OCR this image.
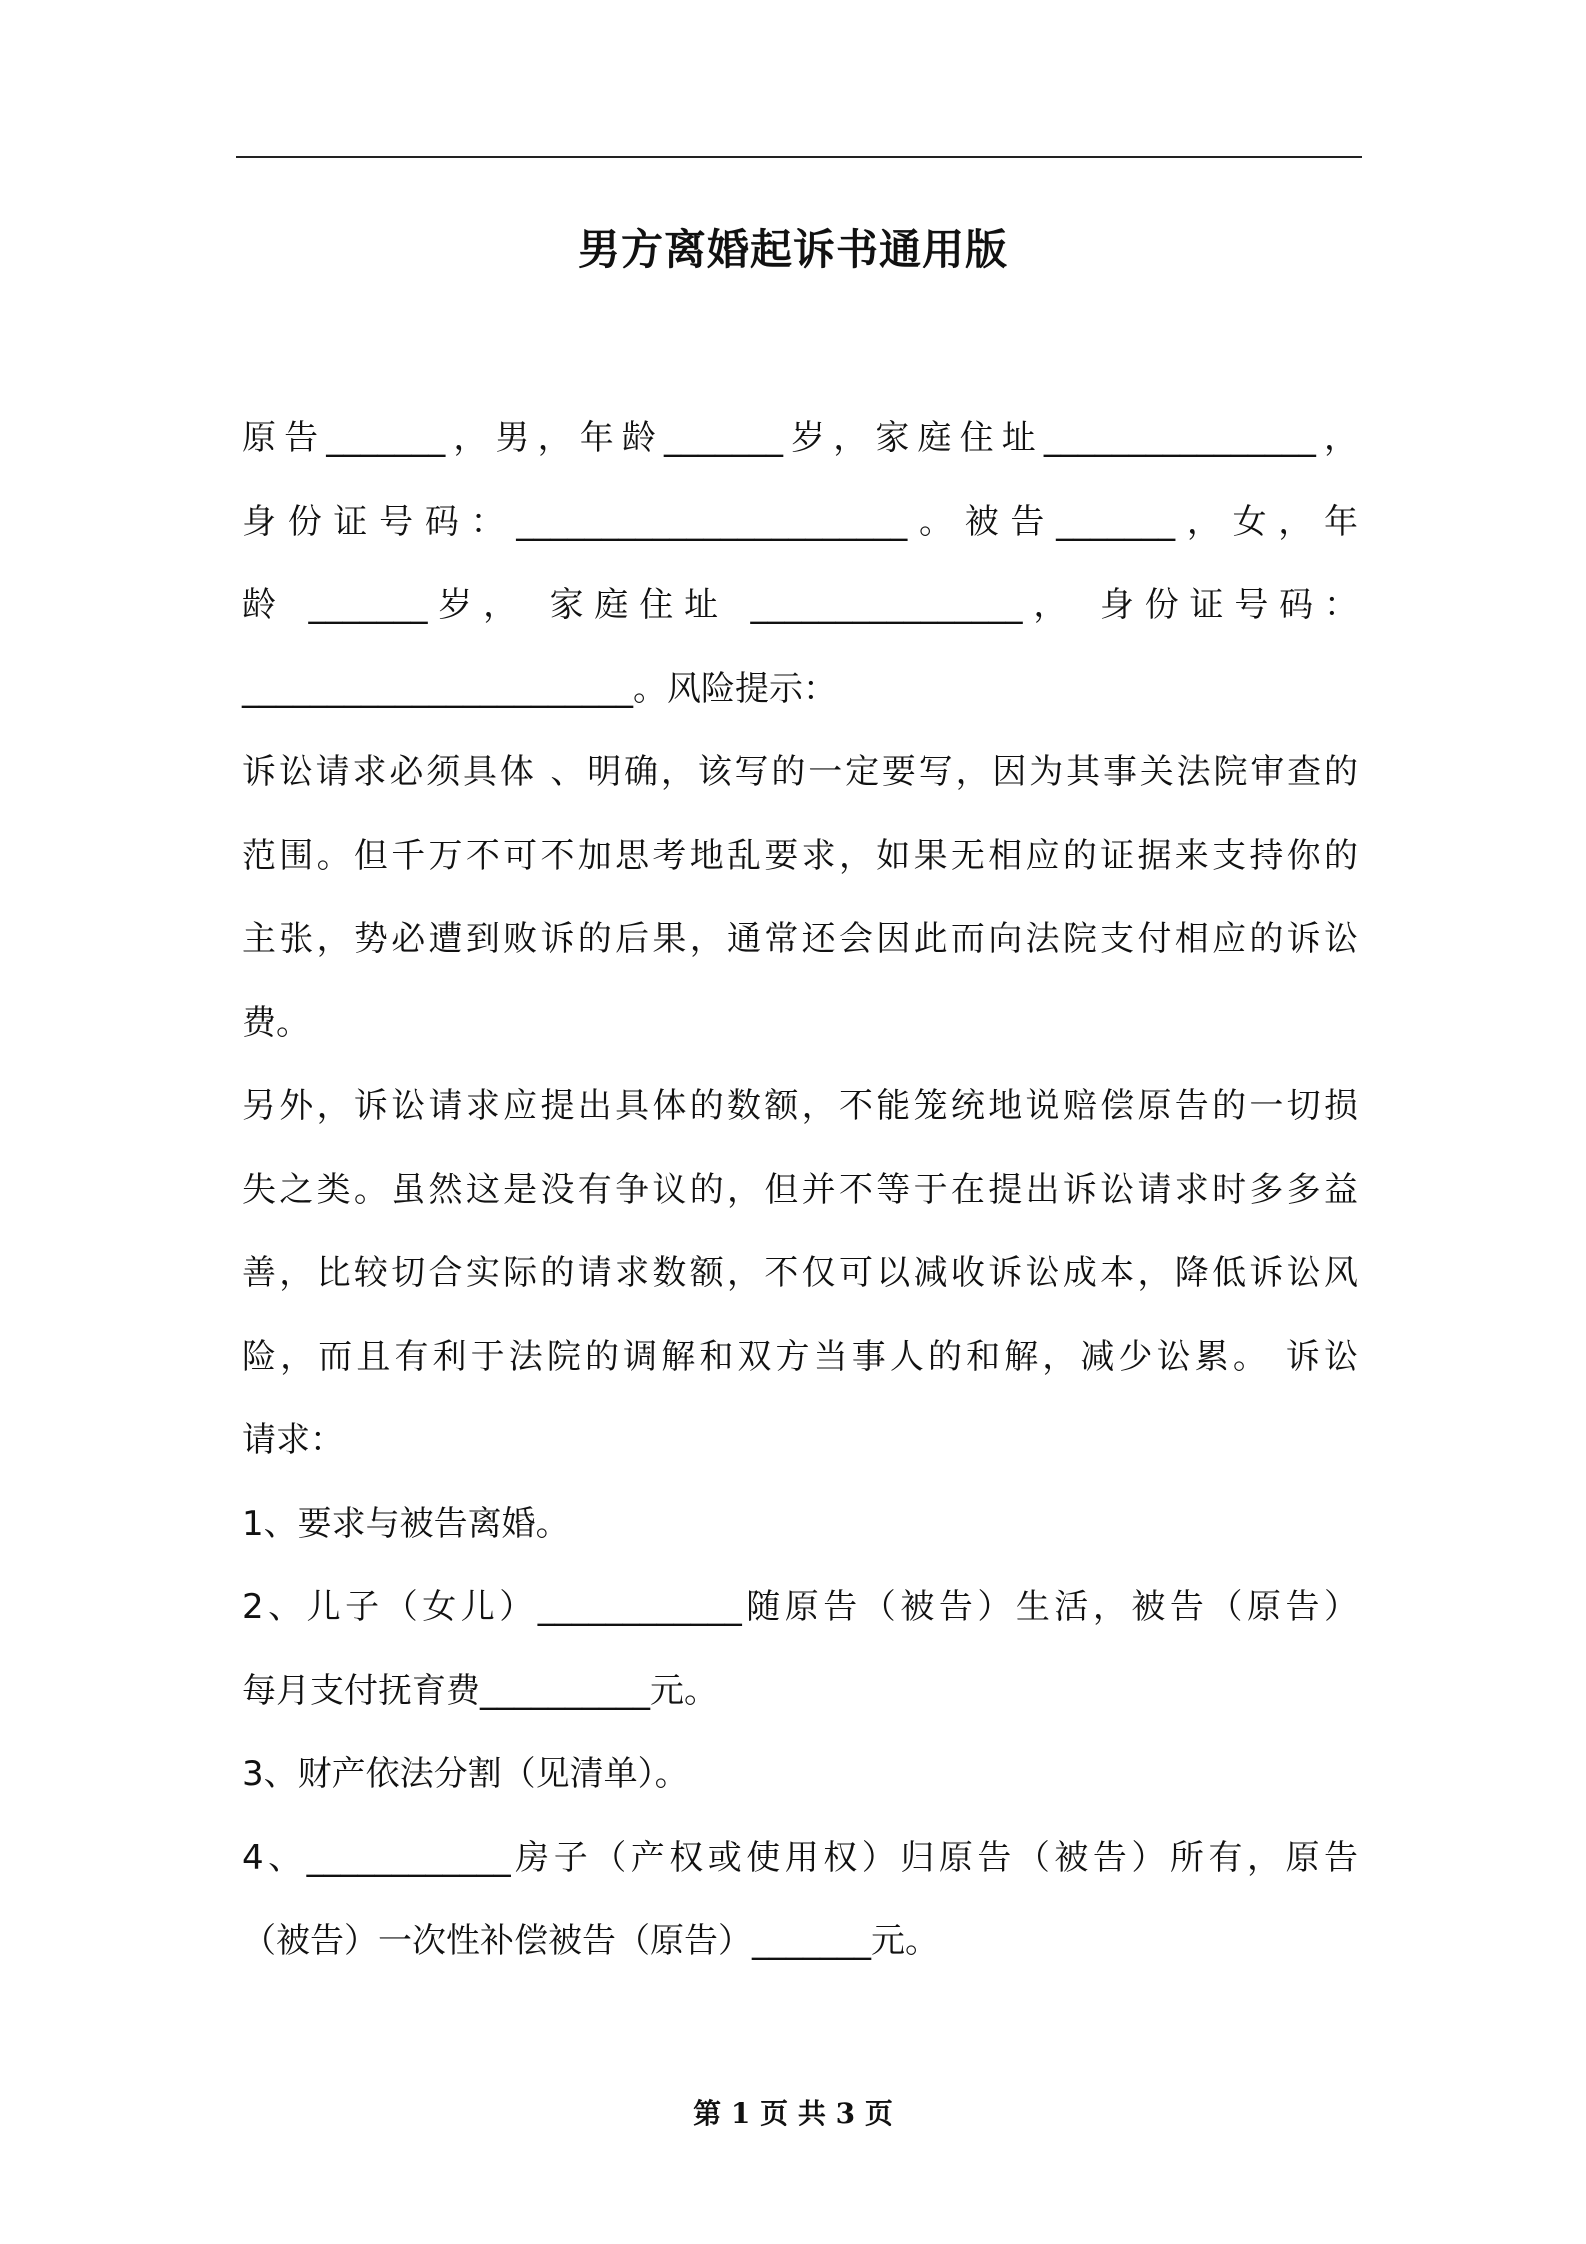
男方离婚起诉书通用版

原告_______，男，年龄_______岁，家庭住址________________，

身份证号码：_______________________。被告_______，女，年

龄 _______岁， 家庭住址 ________________， 身份证号码：

_______________________。风险提示：

诉讼请求必须具体 、明确，该写的一定要写，因为其事关法院审查的

范围。但千万不可不加思考地乱要求，如果无相应的证据来支持你的

主张，势必遭到败诉的后果，通常还会因此而向法院支付相应的诉讼

费。

另外，诉讼请求应提出具体的数额，不能笼统地说赔偿原告的一切损

失之类。虽然这是没有争议的，但并不等于在提出诉讼请求时多多益

善，比较切合实际的请求数额，不仅可以减收诉讼成本，降低诉讼风

险，而且有利于法院的调解和双方当事人的和解，减少讼累。 诉讼

请求：

1、要求与被告离婚。

2、儿子（女儿）____________随原告（被告）生活，被告（原告）

每月支付抚育费__________元。

3、财产依法分割（见清单）。

4、____________房子（产权或使用权）归原告（被告）所有，原告

（被告）一次性补偿被告（原告）_______元。

第 1 页 共 3 页
